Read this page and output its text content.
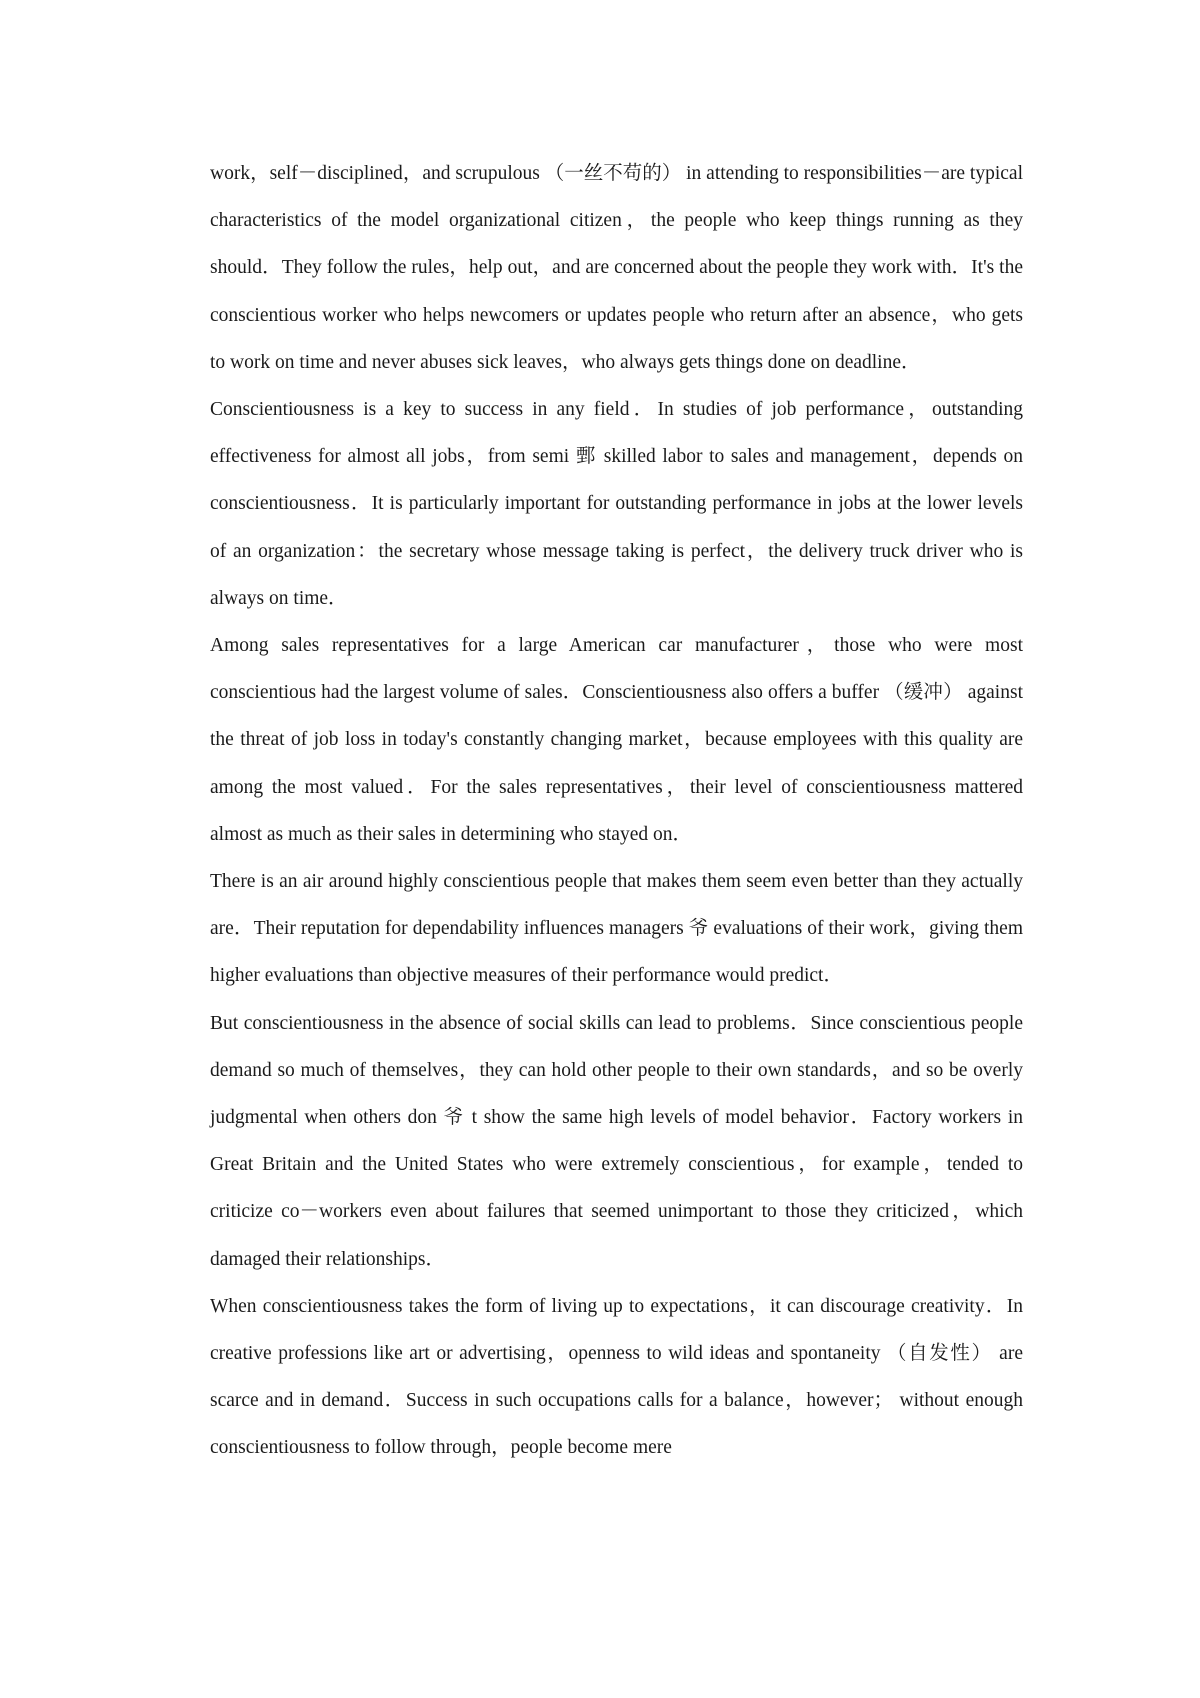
work，self－disciplined，and scrupulous （一丝不苟的） in attending to responsibilities－are typical characteristics of the model organizational citizen，the people who keep things running as they should．They follow the rules，help out，and are concerned about the people they work with．It's the conscientious worker who helps newcomers or updates people who return after an absence，who gets to work on time and never abuses sick leaves，who always gets things done on deadline．

Conscientiousness is a key to success in any field．In studies of job performance，outstanding effectiveness for almost all jobs，from semi 鄄 skilled labor to sales and management，depends on conscientiousness．It is particularly important for outstanding performance in jobs at the lower levels of an organization：the secretary whose message taking is perfect，the delivery truck driver who is always on time．

Among sales representatives for a large American car manufacturer，those who were most conscientious had the largest volume of sales．Conscientiousness also offers a buffer （缓冲） against the threat of job loss in today's constantly changing market，because employees with this quality are among the most valued．For the sales representatives，their level of conscientiousness mattered almost as much as their sales in determining who stayed on．

There is an air around highly conscientious people that makes them seem even better than they actually are．Their reputation for dependability influences managers 爷 evaluations of their work，giving them higher evaluations than objective measures of their performance would predict．

But conscientiousness in the absence of social skills can lead to problems．Since conscientious people demand so much of themselves，they can hold other people to their own standards，and so be overly judgmental when others don 爷 t show the same high levels of model behavior．Factory workers in Great Britain and the United States who were extremely conscientious，for example，tended to criticize co－workers even about failures that seemed unimportant to those they criticized，which damaged their relationships．

When conscientiousness takes the form of living up to expectations，it can discourage creativity．In creative professions like art or advertising，openness to wild ideas and spontaneity （自发性） are scarce and in demand．Success in such occupations calls for a balance，however； without enough conscientiousness to follow through，people become mere
